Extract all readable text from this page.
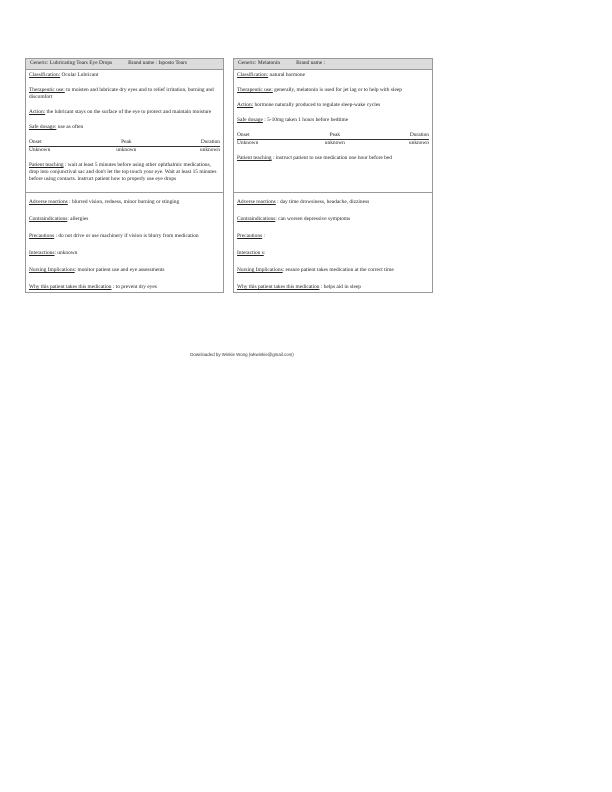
Generic: Lubricating Tears Eye Drops	Brand name : Isposto Tears

Classification: Ocular Lubricant

Therapeutic use: to moisten and lubricate dry eyes and to relief irritation, burning and discomfort

Action: the lubricant stays on the surface of the eye to protect and maintain moisture

Safe dosage: use as often

Onset	Peak	Duration
Unknown	unknown	unknown

Patient teaching : wait at least 5 minutes before using other ophthalmic medications, drop into conjunctival sac and don't let the top touch your eye. Wait at least 15 minutes before using contacts. instruct patient how to properly use eye drops

Adverse reactions : blurred vision, redness, minor burning or stinging

Contraindications: allergies

Precautions : do not drive or use machinery if vision is blurry from medication

Interactions: unknown

Nursing Implications: monitor patient use and eye assessments

Why this patient takes this medication : to prevent dry eyes

Generic: Melatonin	Brand name :

Classification: natural hormone

Therapeutic use: generally, melatonin is used for jet lag or to help with sleep

Action: hormone naturally produced to regulate sleep-wake cycles

Safe dosage : 5-10mg taken 1 hours before bedtime

Onset	Peak	Duration
Unknown	unknown	unknown

Patient teaching : instruct patient to use medication one hour before bed

Adverse reactions : day time drowsiness, headache, dizziness

Contraindications: can worsen depressive symptoms

Precautions :

Interaction s:

Nursing Implications: ensure patient takes medication at the correct time

Why this patient takes this medication : helps aid in sleep

Downloaded by Winkie Wong (wkwinkie@gmail.com)
